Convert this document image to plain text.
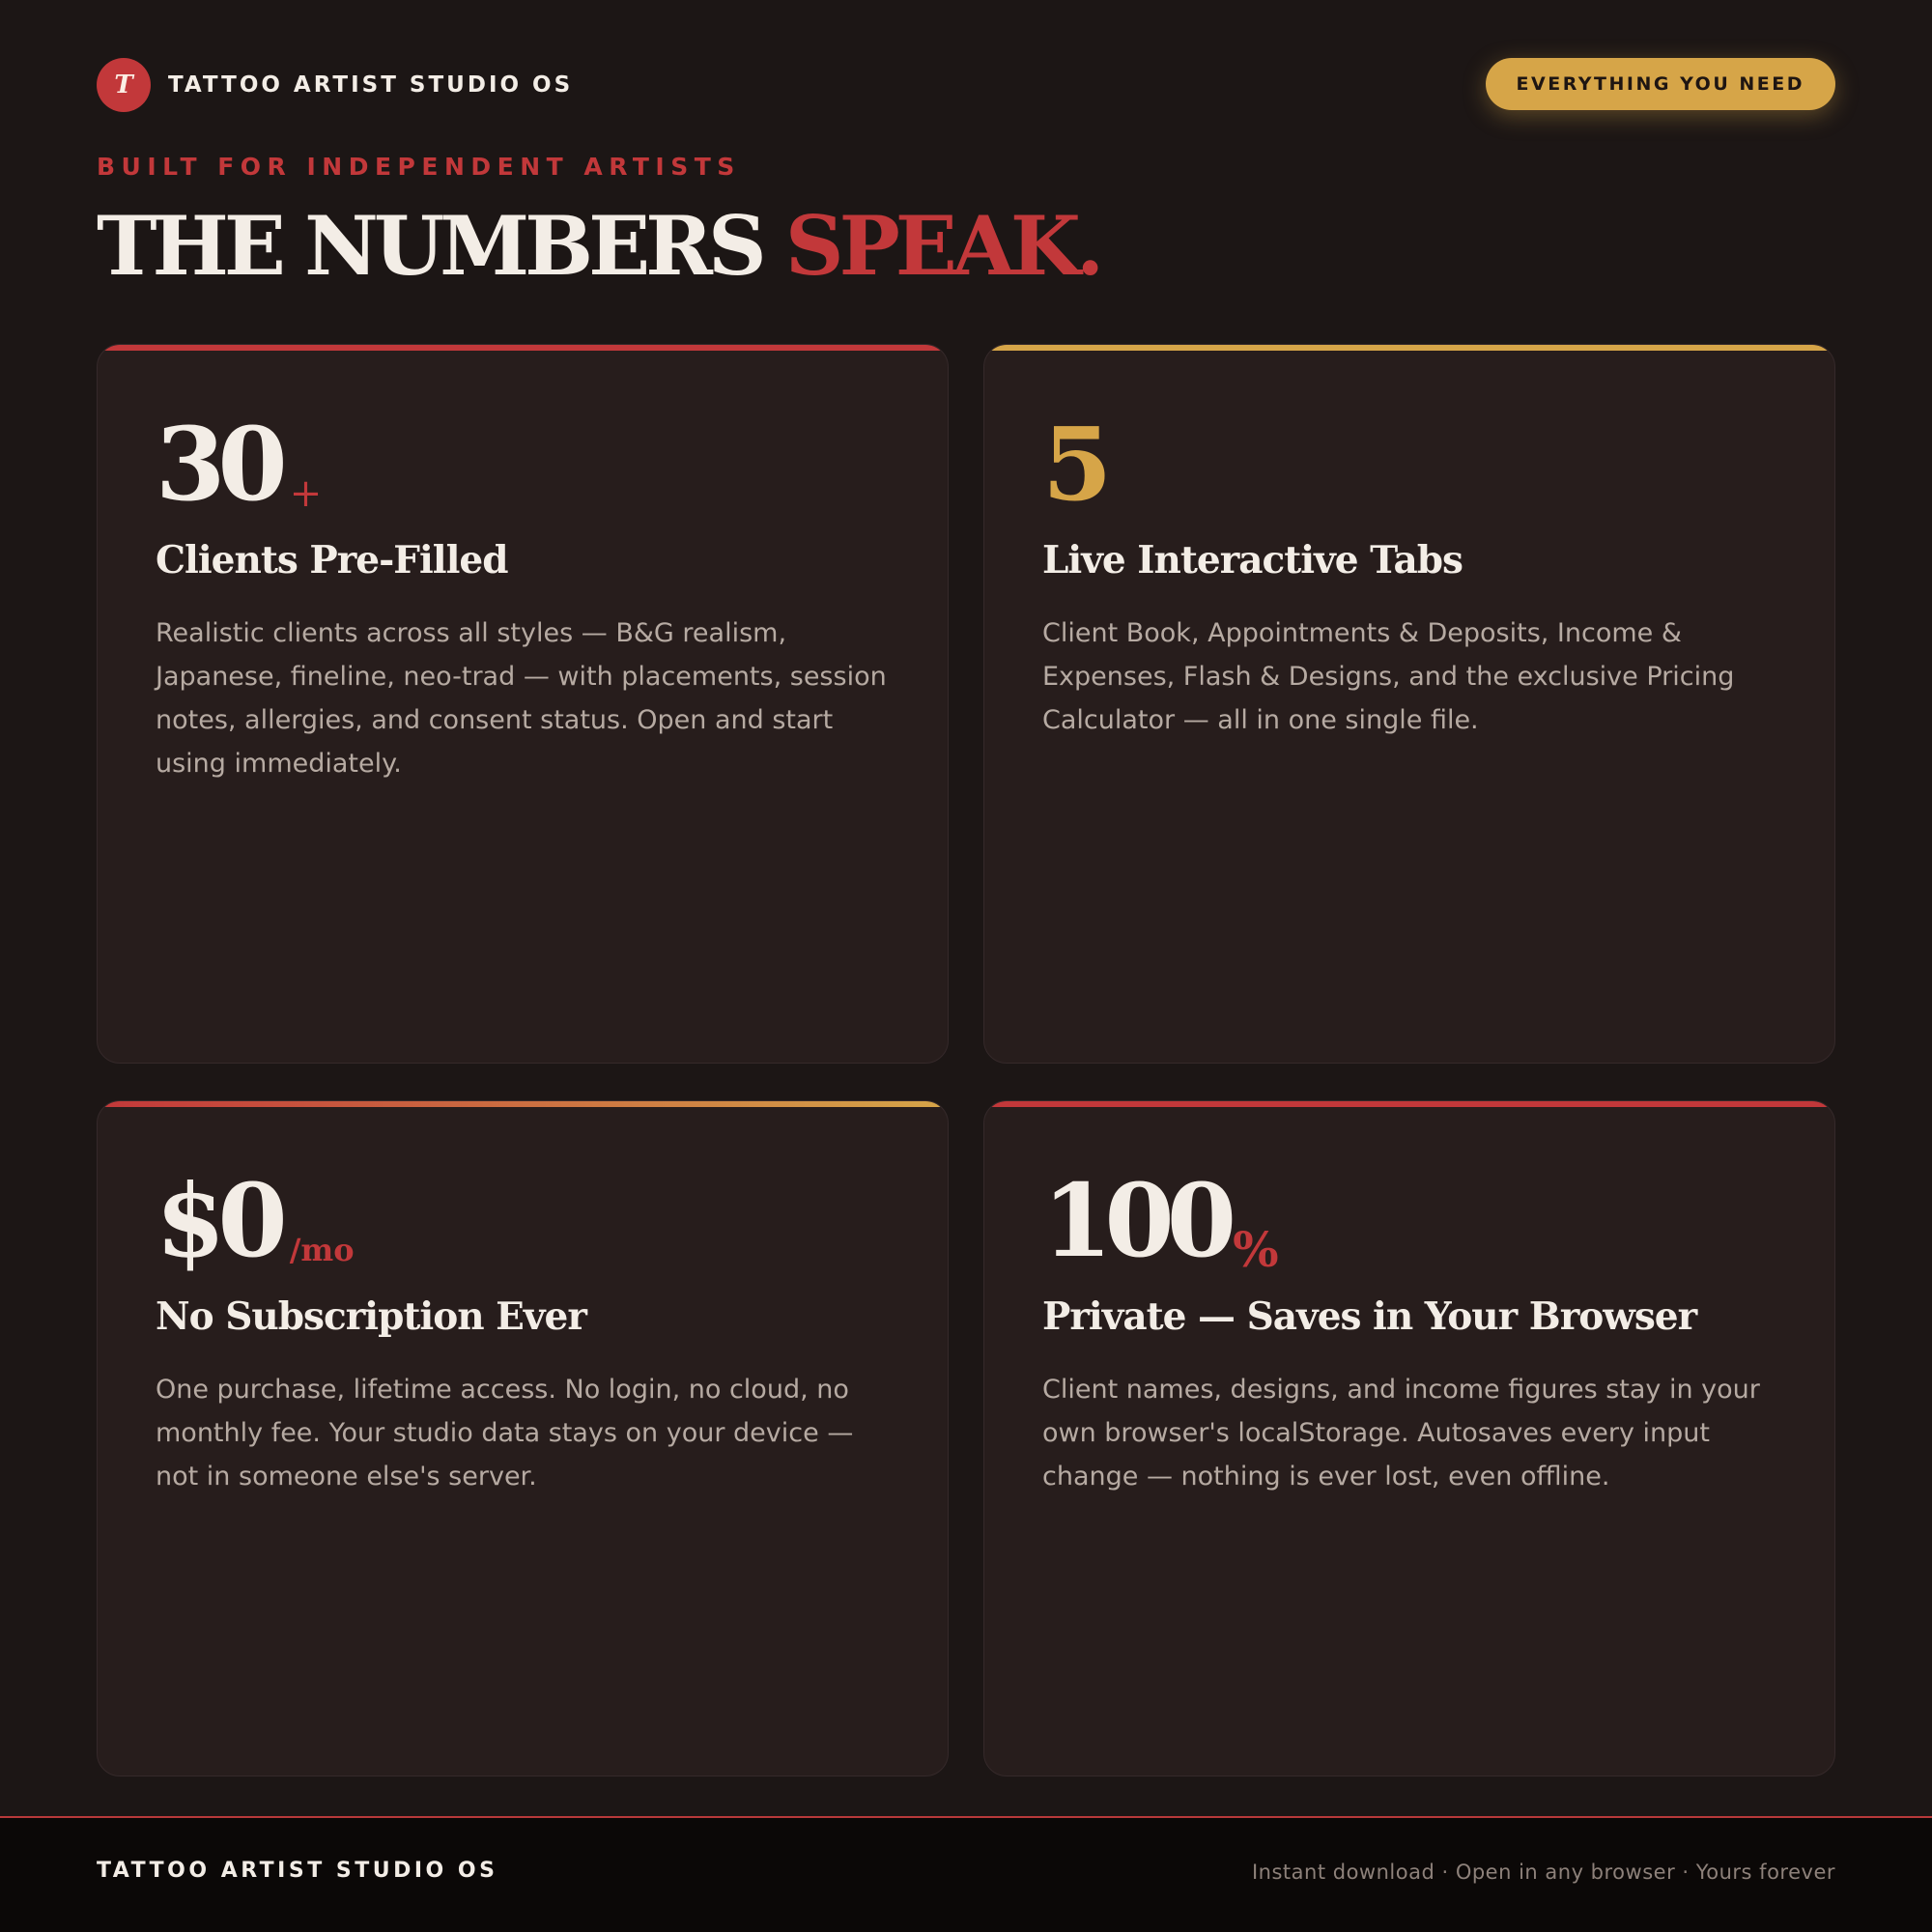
T	TATTOO ARTIST STUDIO OS	EVERYTHING YOU NEED
BUILT FOR INDEPENDENT ARTISTS
THE NUMBERS SPEAK.
30 +
Clients Pre-Filled
Realistic clients across all styles — B&G realism, Japanese, fineline, neo-trad — with placements, session notes, allergies, and consent status. Open and start using immediately.
5
Live Interactive Tabs
Client Book, Appointments & Deposits, Income & Expenses, Flash & Designs, and the exclusive Pricing Calculator — all in one single file.
$0 /mo
No Subscription Ever
One purchase, lifetime access. No login, no cloud, no monthly fee. Your studio data stays on your device — not in someone else's server.
100 %
Private — Saves in Your Browser
Client names, designs, and income figures stay in your own browser's localStorage. Autosaves every input change — nothing is ever lost, even offline.
TATTOO ARTIST STUDIO OS	Instant download · Open in any browser · Yours forever
